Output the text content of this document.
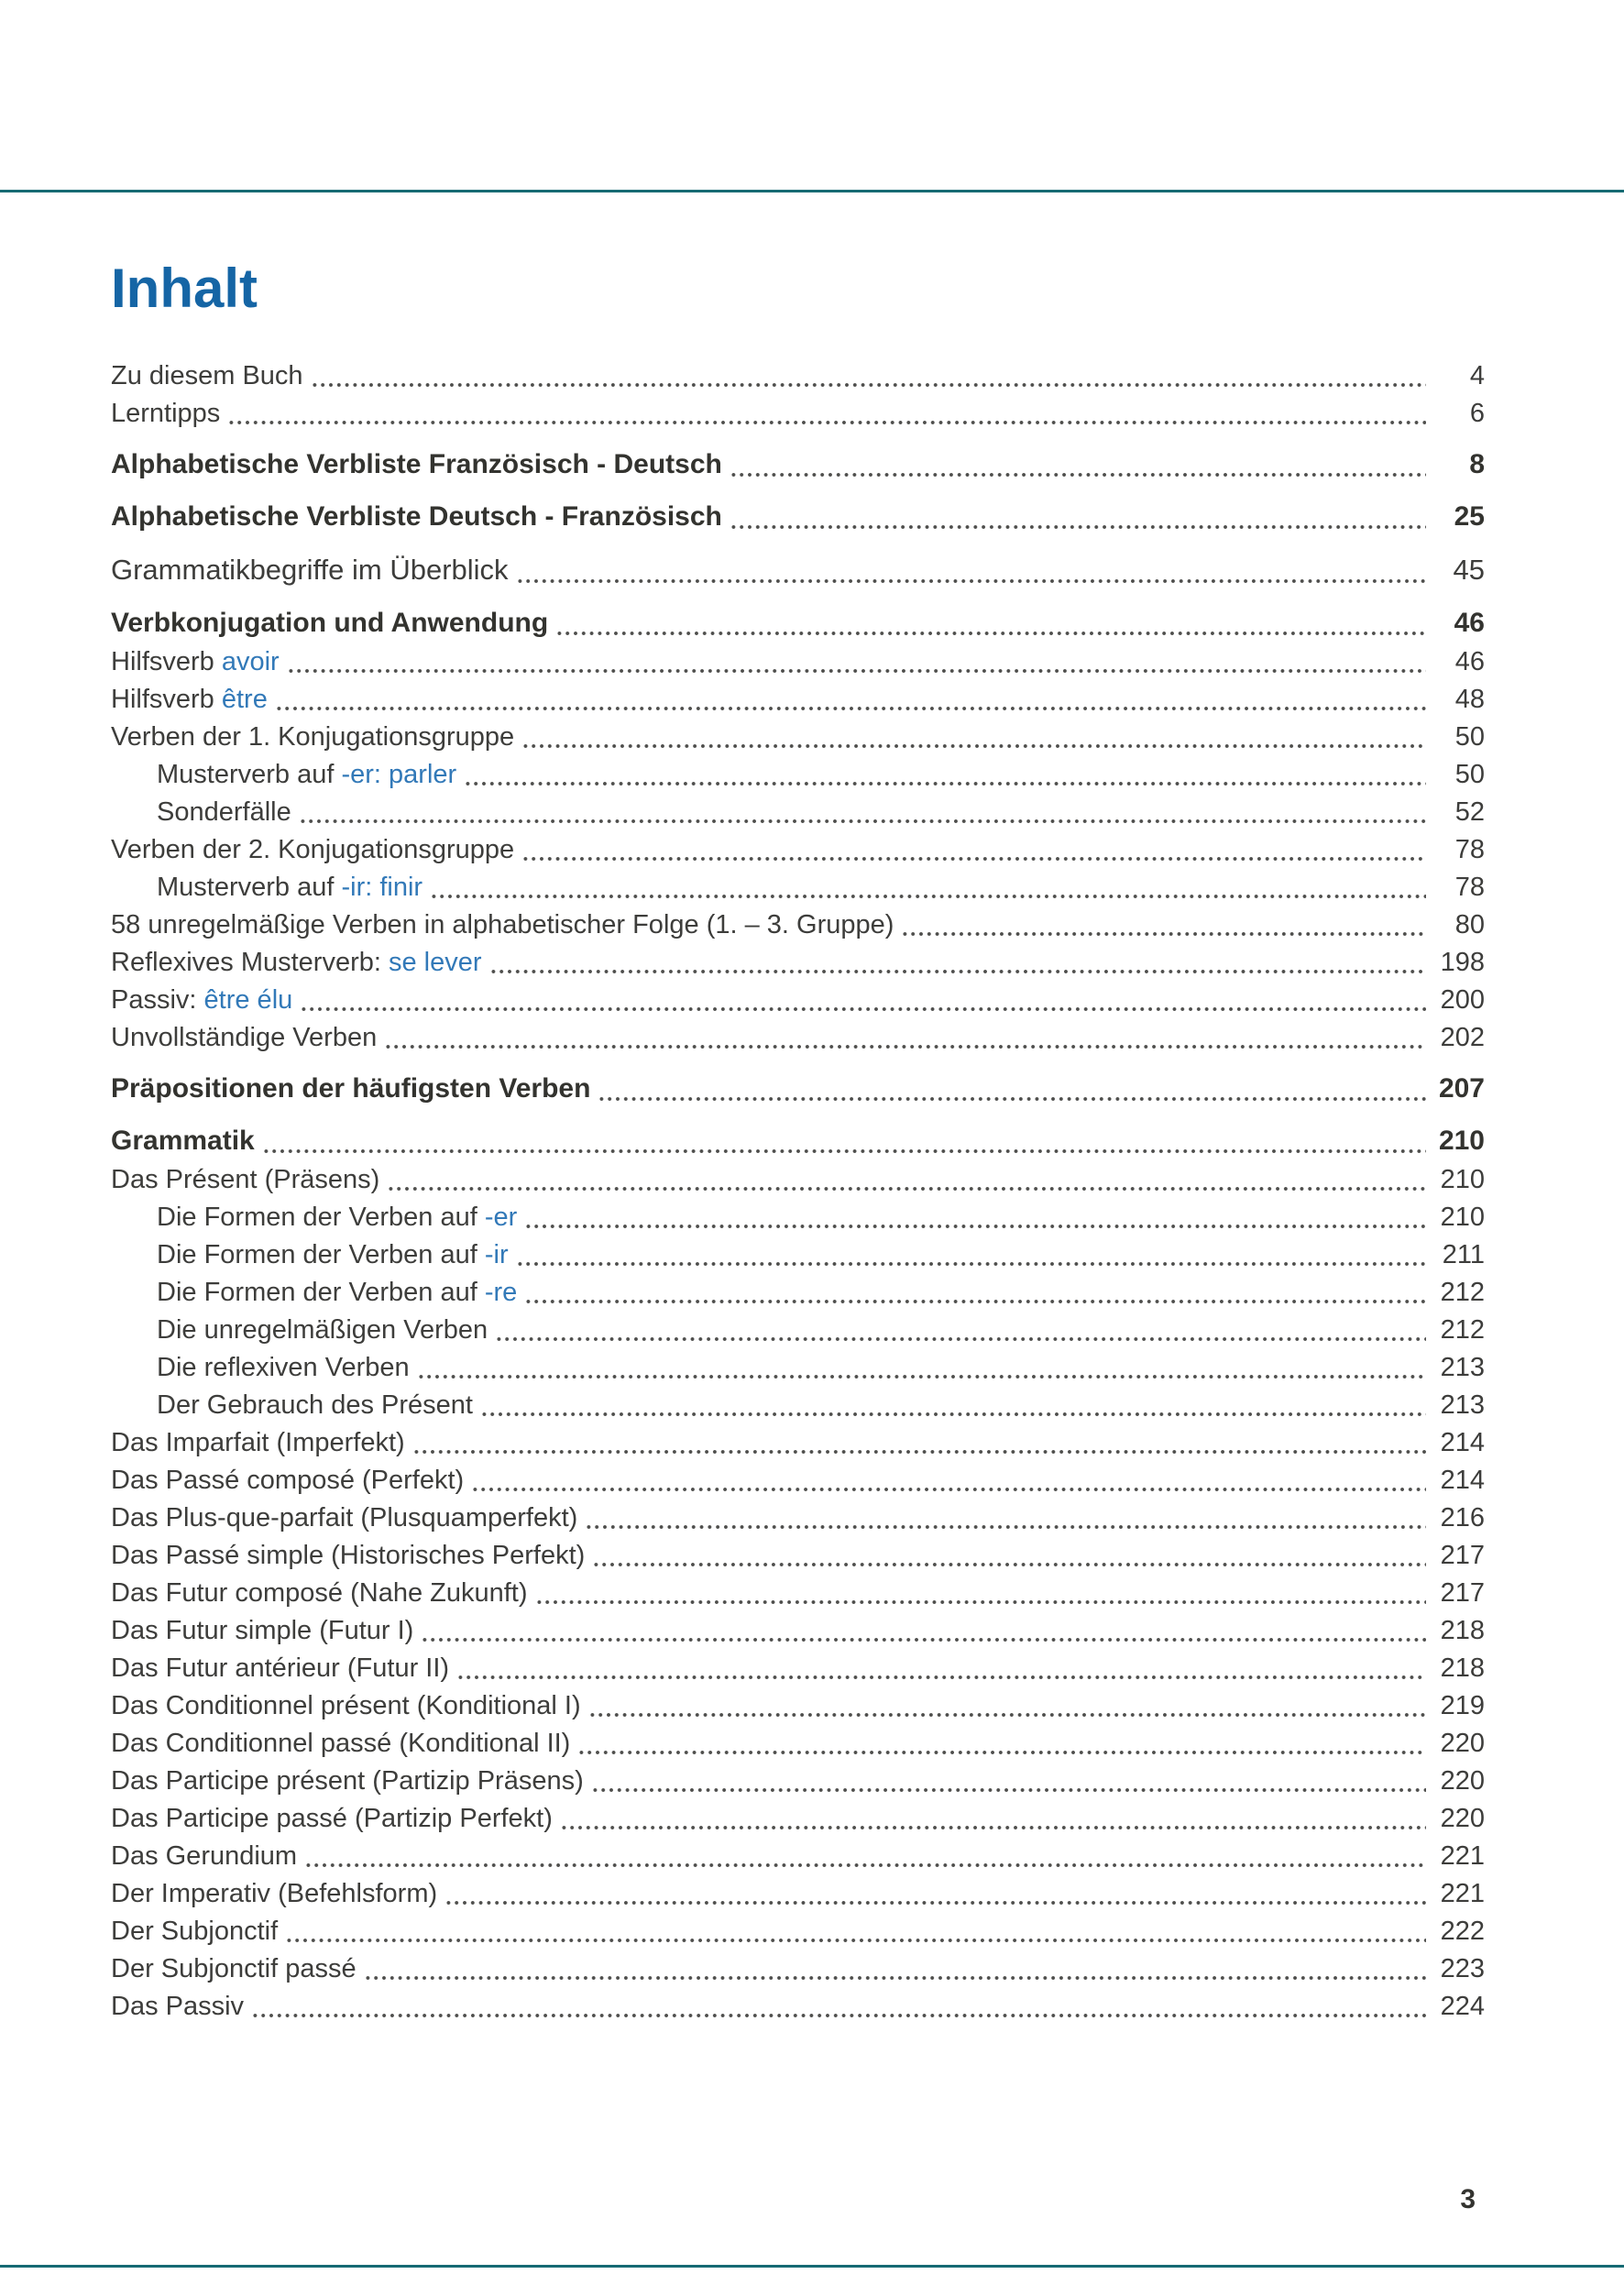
Inhalt
Zu diesem Buch	4
Lerntipps	6
Alphabetische Verbliste Französisch - Deutsch	8
Alphabetische Verbliste Deutsch - Französisch	25
Grammatikbegriffe im Überblick	45
Verbkonjugation und Anwendung	46
Hilfsverb avoir	46
Hilfsverb être	48
Verben der 1. Konjugationsgruppe	50
Musterverb auf -er: parler	50
Sonderfälle	52
Verben der 2. Konjugationsgruppe	78
Musterverb auf -ir: finir	78
58 unregelmäßige Verben in alphabetischer Folge (1. – 3. Gruppe)	80
Reflexives Musterverb: se lever	198
Passiv: être élu	200
Unvollständige Verben	202
Präpositionen der häufigsten Verben	207
Grammatik	210
Das Présent (Präsens)	210
Die Formen der Verben auf -er	210
Die Formen der Verben auf -ir	211
Die Formen der Verben auf -re	212
Die unregelmäßigen Verben	212
Die reflexiven Verben	213
Der Gebrauch des Présent	213
Das Imparfait (Imperfekt)	214
Das Passé composé (Perfekt)	214
Das Plus-que-parfait (Plusquamperfekt)	216
Das Passé simple (Historisches Perfekt)	217
Das Futur composé (Nahe Zukunft)	217
Das Futur simple (Futur I)	218
Das Futur antérieur (Futur II)	218
Das Conditionnel présent (Konditional I)	219
Das Conditionnel passé (Konditional II)	220
Das Participe présent (Partizip Präsens)	220
Das Participe passé (Partizip Perfekt)	220
Das Gerundium	221
Der Imperativ (Befehlsform)	221
Der Subjonctif	222
Der Subjonctif passé	223
Das Passiv	224
3
